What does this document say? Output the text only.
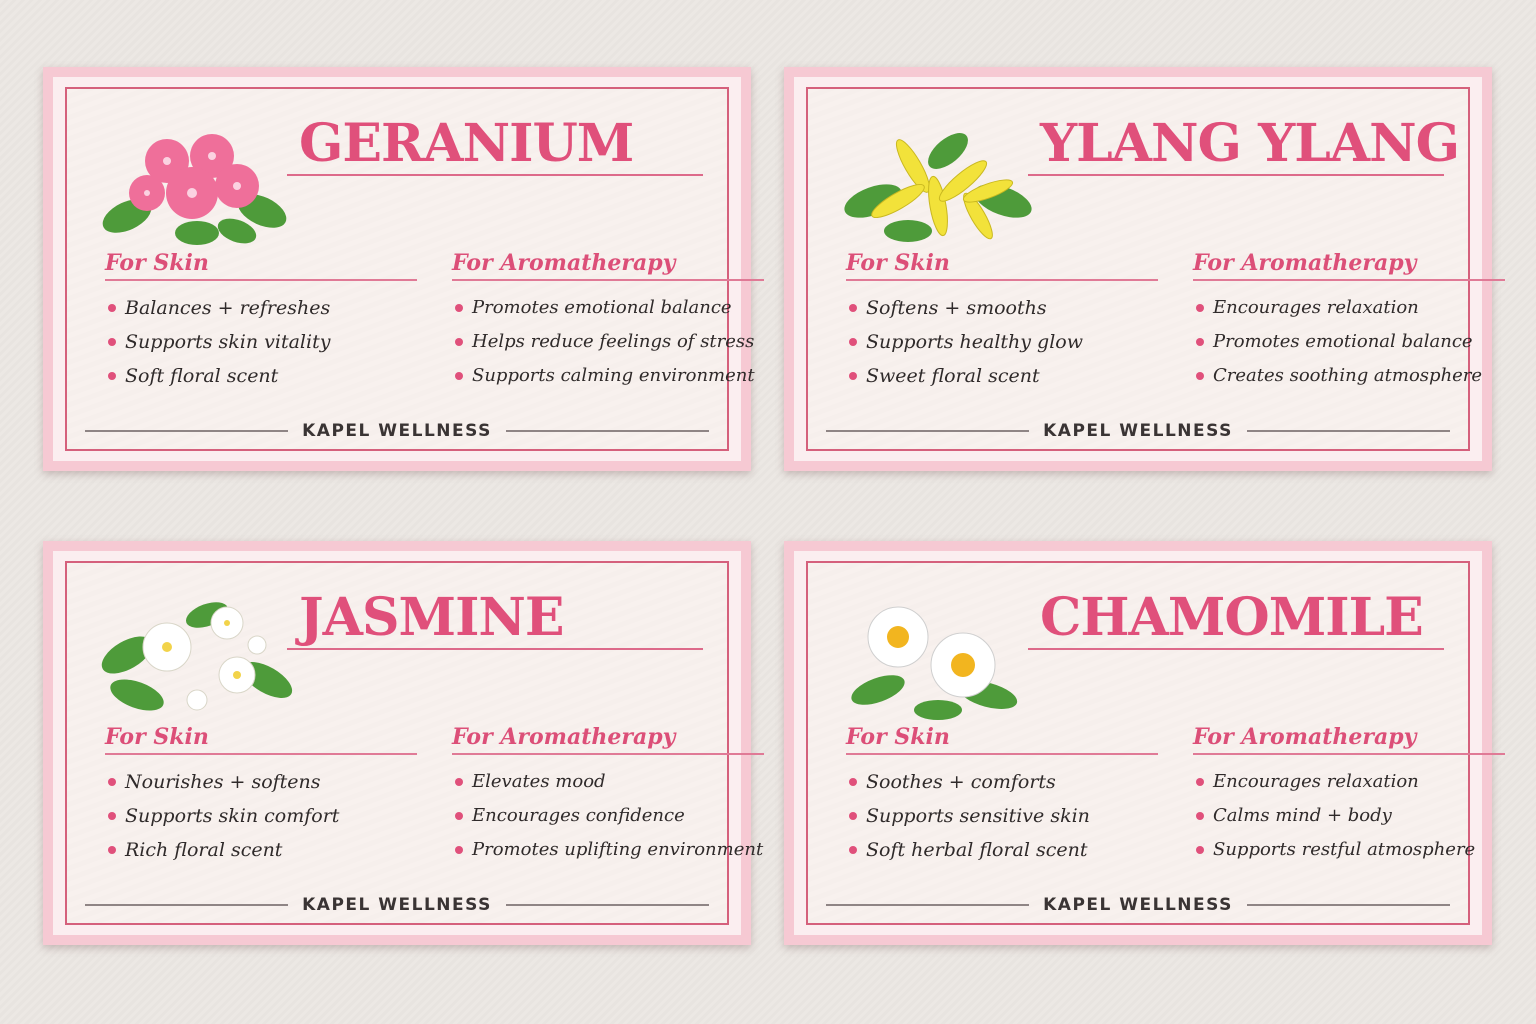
GERANIUM
For Skin
Balances + refreshes
Supports skin vitality
Soft floral scent
For Aromatherapy
Promotes emotional balance
Helps reduce feelings of stress
Supports calming environment
KAPEL WELLNESS
YLANG YLANG
For Skin
Softens + smooths
Supports healthy glow
Sweet floral scent
For Aromatherapy
Encourages relaxation
Promotes emotional balance
Creates soothing atmosphere
KAPEL WELLNESS
JASMINE
For Skin
Nourishes + softens
Supports skin comfort
Rich floral scent
For Aromatherapy
Elevates mood
Encourages confidence
Promotes uplifting environment
KAPEL WELLNESS
CHAMOMILE
For Skin
Soothes + comforts
Supports sensitive skin
Soft herbal floral scent
For Aromatherapy
Encourages relaxation
Calms mind + body
Supports restful atmosphere
KAPEL WELLNESS
